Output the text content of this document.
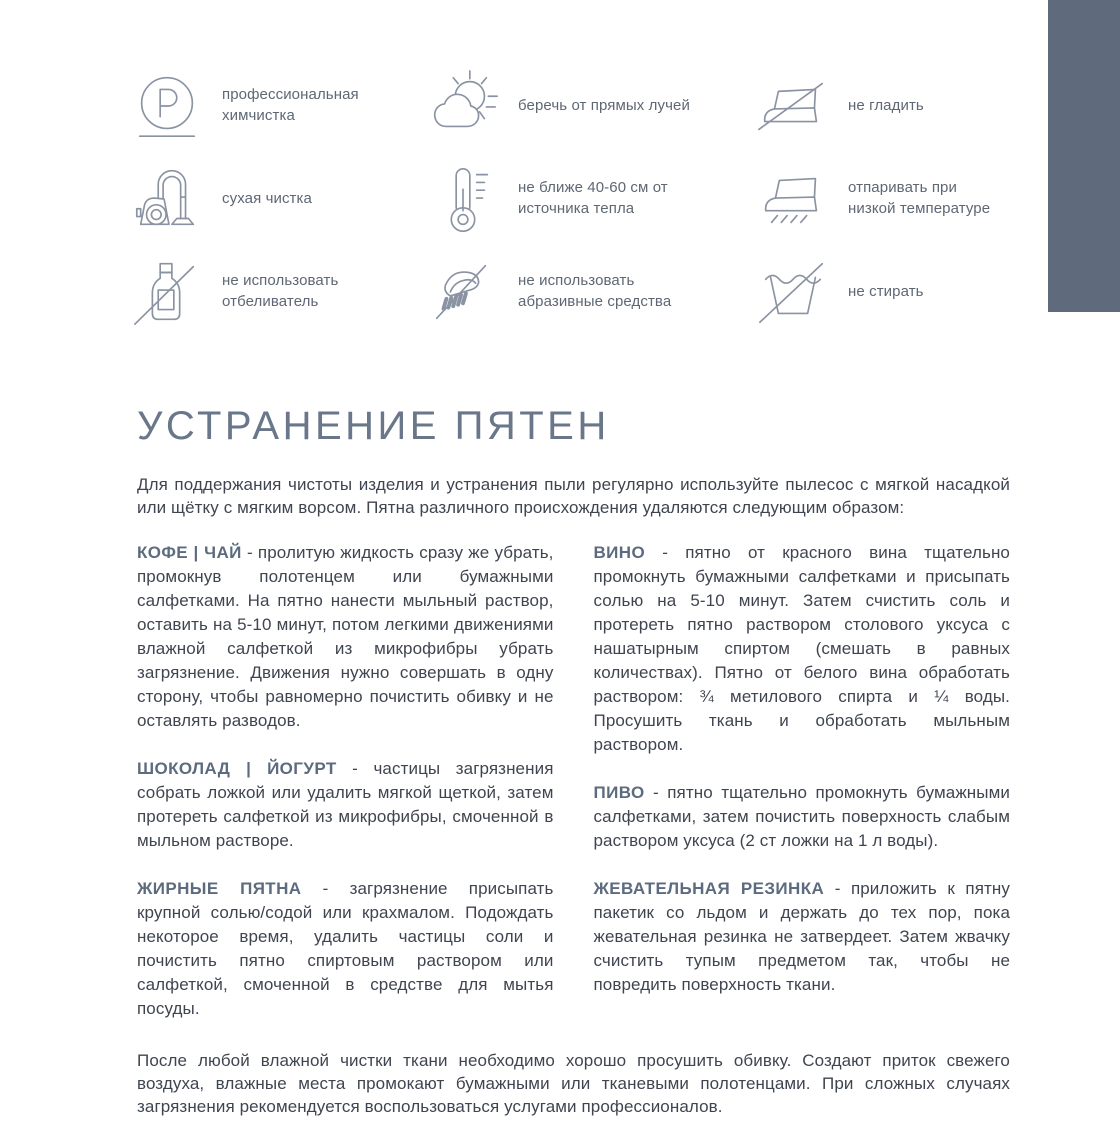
профессиональная химчистка
беречь от прямых лучей	не гладить
сухая чистка
не ближе 40-60 см от источника тепла
отпаривать при низкой температуре
не использовать отбеливатель
не использовать абразивные средства
не стирать
УСТРАНЕНИЕ ПЯТЕН

Для поддержания чистоты изделия и устранения пыли регулярно используйте пылесос с мягкой насадкой или щётку с мягким ворсом. Пятна различного происхождения удаляются следующим образом:

КОФЕ | ЧАЙ - пролитую жидкость сразу же убрать, промокнув полотенцем или бумажными салфетками. На пятно нанести мыльный раствор, оставить на 5-10 минут, потом легкими движениями влажной салфеткой из микрофибры убрать загрязнение. Движения нужно совершать в одну сторону, чтобы равномерно почистить обивку и не оставлять разводов.

ШОКОЛАД | ЙОГУРТ - частицы загрязнения собрать ложкой или удалить мягкой щеткой, затем протереть салфеткой из микрофибры, смоченной в мыльном растворе.

ЖИРНЫЕ ПЯТНА - загрязнение присыпать крупной солью/содой или крахмалом. Подождать некоторое время, удалить частицы соли и почистить пятно спиртовым раствором или салфеткой, смоченной в средстве для мытья посуды.

ВИНО - пятно от красного вина тщательно промокнуть бумажными салфетками и присыпать солью на 5-10 минут. Затем счистить соль и протереть пятно раствором столового уксуса с нашатырным спиртом (смешать в равных количествах). Пятно от белого вина обработать раствором: ¾ метилового спирта и ¼ воды. Просушить ткань и обработать мыльным раствором.

ПИВО - пятно тщательно промокнуть бумажными салфетками, затем почистить поверхность слабым раствором уксуса (2 ст ложки на 1 л воды).

ЖЕВАТЕЛЬНАЯ РЕЗИНКА - приложить к пятну пакетик со льдом и держать до тех пор, пока жевательная резинка не затвердеет. Затем жвачку счистить тупым предметом так, чтобы не повредить поверхность ткани.

После любой влажной чистки ткани необходимо хорошо просушить обивку. Создают приток свежего воздуха, влажные места промокают бумажными или тканевыми полотенцами. При сложных случаях загрязнения рекомендуется воспользоваться услугами профессионалов.
